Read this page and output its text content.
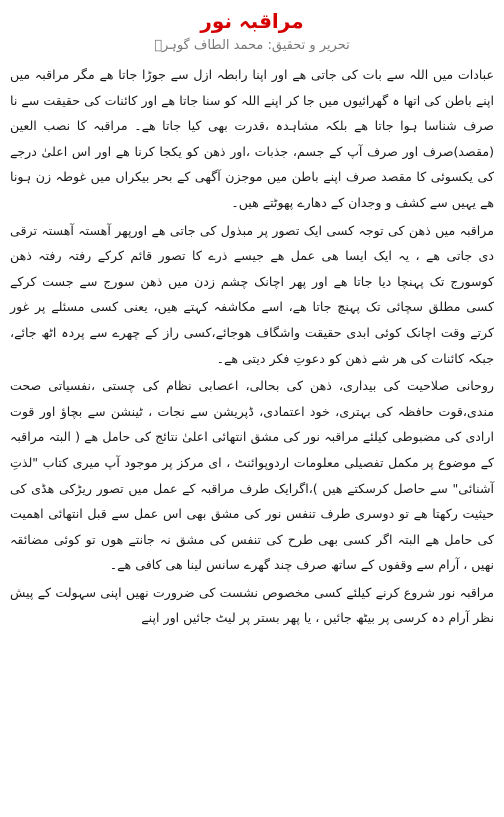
مراقبہ نور
تحریر و تحقیق: محمد الطاف گوہرؔ

عبادات میں اللہ سے بات کی جاتی ھے اور اپنا رابطہ ازل سے جوڑا جاتا ھے مگر مراقبہ میں اپنے باطن کی اتھا ہ گھرائیوں میں جا کر اپنے اللہ کو سنا جاتا ھے اور کائنات کی حقیقت سے نا صرف شناسا ہوا جاتا ھے بلکہ مشاہدہ ،قدرت بھی کیا جاتا ھے۔ مراقبہ کا نصب العین (مقصد)صرف اور صرف آپ کے جسم، جذبات ،اور ذھن کو یکجا کرنا ھے اور اس اعلیٰ درجے کی یکسوئی کا مقصد صرف اپنے باطن میں موجزن آگھی کے بحر بیکراں میں غوطہ زن ہونا ھے یہیں سے کشف و وجدان کے دھارے پھوٹتے ھیں۔

مراقبہ میں ذھن کی توجہ کسی ایک تصور پر مبذول کی جاتی ھے اورپھر آھستہ آھستہ ترقی دی جاتی ھے ، یہ ایک ایسا ھی عمل ھے جیسے ذرے کا تصور قائم کرکے رفتہ رفتہ ذھن کوسورج تک پہنچا دیا جاتا ھے اور پھر اچانک چشم زدن میں ذھن سورج سے جست کرکے کسی مطلق سچائی تک پہنچ جاتا ھے، اسے مکاشفہ کہتے ھیں، یعنی کسی مسئلے پر غور کرتے وقت اچانک کوئی ابدی حقیقت واشگاف ھوجائے،کسی راز کے چھرے سے پردہ اٹھ جائے، جبکہ کائنات کی ھر شے ذھن کو دعوتِ فکر دیتی ھے۔

روحانی صلاحیت کی بیداری، ذھن کی بحالی، اعصابی نظام کی چستی ،نفسیاتی صحت مندی،قوت حافظہ کی بہتری، خود اعتمادی، ڈپریشن سے نجات ، ٹینشن سے بچاؤ اور قوت ارادی کی مضبوطی کیلئے مراقبہ نور کی مشق انتھائی اعلیٰ نتائج کی حامل ھے ( البتہ مراقبہ کے موضوع پر مکمل تفصیلی معلومات اردوپوائنٹ ، ای مرکز پر موجود آپ میری کتاب "لذتِ آشنائی" سے حاصل کرسکتے ھیں )،اگرایک طرف مراقبہ کے عمل میں تصور ریڑکی ھڈی کی حیثیت رکھتا ھے تو دوسری طرف تنفس نور کی مشق بھی اس عمل سے قبل انتھائی اھمیت کی حامل ھے البتہ اگر کسی بھی طرح کی تنفس کی مشق نہ جانتے ھوں تو کوئی مضائقہ نھیں ، آرام سے وقفوں کے ساتھ صرف چند گھرے سانس لینا ھی کافی ھے۔

مراقبہ نور شروع کرنے کیلئے کسی مخصوص نشست کی ضرورت نھیں اپنی سہولت کے پیش نظر آرام دہ کرسی پر بیٹھ جائیں ، یا پھر بستر پر لیٹ جائیں اور اپنے
